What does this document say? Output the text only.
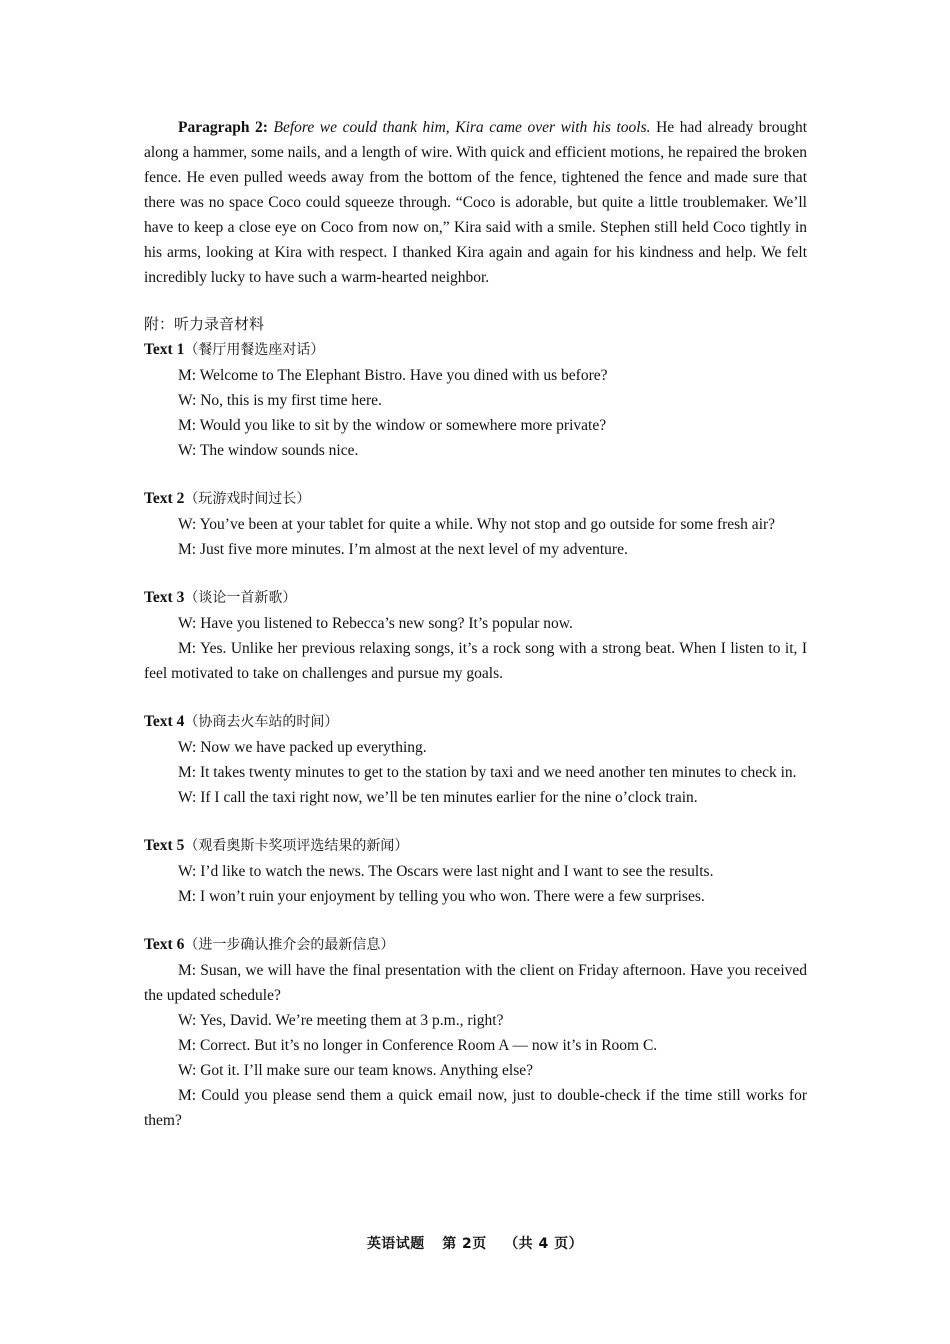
Paragraph 2: Before we could thank him, Kira came over with his tools. He had already brought along a hammer, some nails, and a length of wire. With quick and efficient motions, he repaired the broken fence. He even pulled weeds away from the bottom of the fence, tightened the fence and made sure that there was no space Coco could squeeze through. “Coco is adorable, but quite a little troublemaker. We’ll have to keep a close eye on Coco from now on,” Kira said with a smile. Stephen still held Coco tightly in his arms, looking at Kira with respect. I thanked Kira again and again for his kindness and help. We felt incredibly lucky to have such a warm-hearted neighbor.

附：听力录音材料

Text 1（餐厅用餐选座对话）

M: Welcome to The Elephant Bistro. Have you dined with us before?

W: No, this is my first time here.

M: Would you like to sit by the window or somewhere more private?

W: The window sounds nice.

Text 2（玩游戏时间过长）

W: You’ve been at your tablet for quite a while. Why not stop and go outside for some fresh air?

M: Just five more minutes. I’m almost at the next level of my adventure.

Text 3（谈论一首新歌）

W: Have you listened to Rebecca’s new song? It’s popular now.

M: Yes. Unlike her previous relaxing songs, it’s a rock song with a strong beat. When I listen to it, I feel motivated to take on challenges and pursue my goals.

Text 4（协商去火车站的时间）

W: Now we have packed up everything.

M: It takes twenty minutes to get to the station by taxi and we need another ten minutes to check in.

W: If I call the taxi right now, we’ll be ten minutes earlier for the nine o’clock train.

Text 5（观看奥斯卡奖项评选结果的新闻）

W: I’d like to watch the news. The Oscars were last night and I want to see the results.

M: I won’t ruin your enjoyment by telling you who won. There were a few surprises.

Text 6（进一步确认推介会的最新信息）

M: Susan, we will have the final presentation with the client on Friday afternoon. Have you received the updated schedule?

W: Yes, David. We’re meeting them at 3 p.m., right?

M: Correct. But it’s no longer in Conference Room A — now it’s in Room C.

W: Got it. I’ll make sure our team knows. Anything else?

M: Could you please send them a quick email now, just to double-check if the time still works for them?

英语试题 第 2页 （共 4 页）
